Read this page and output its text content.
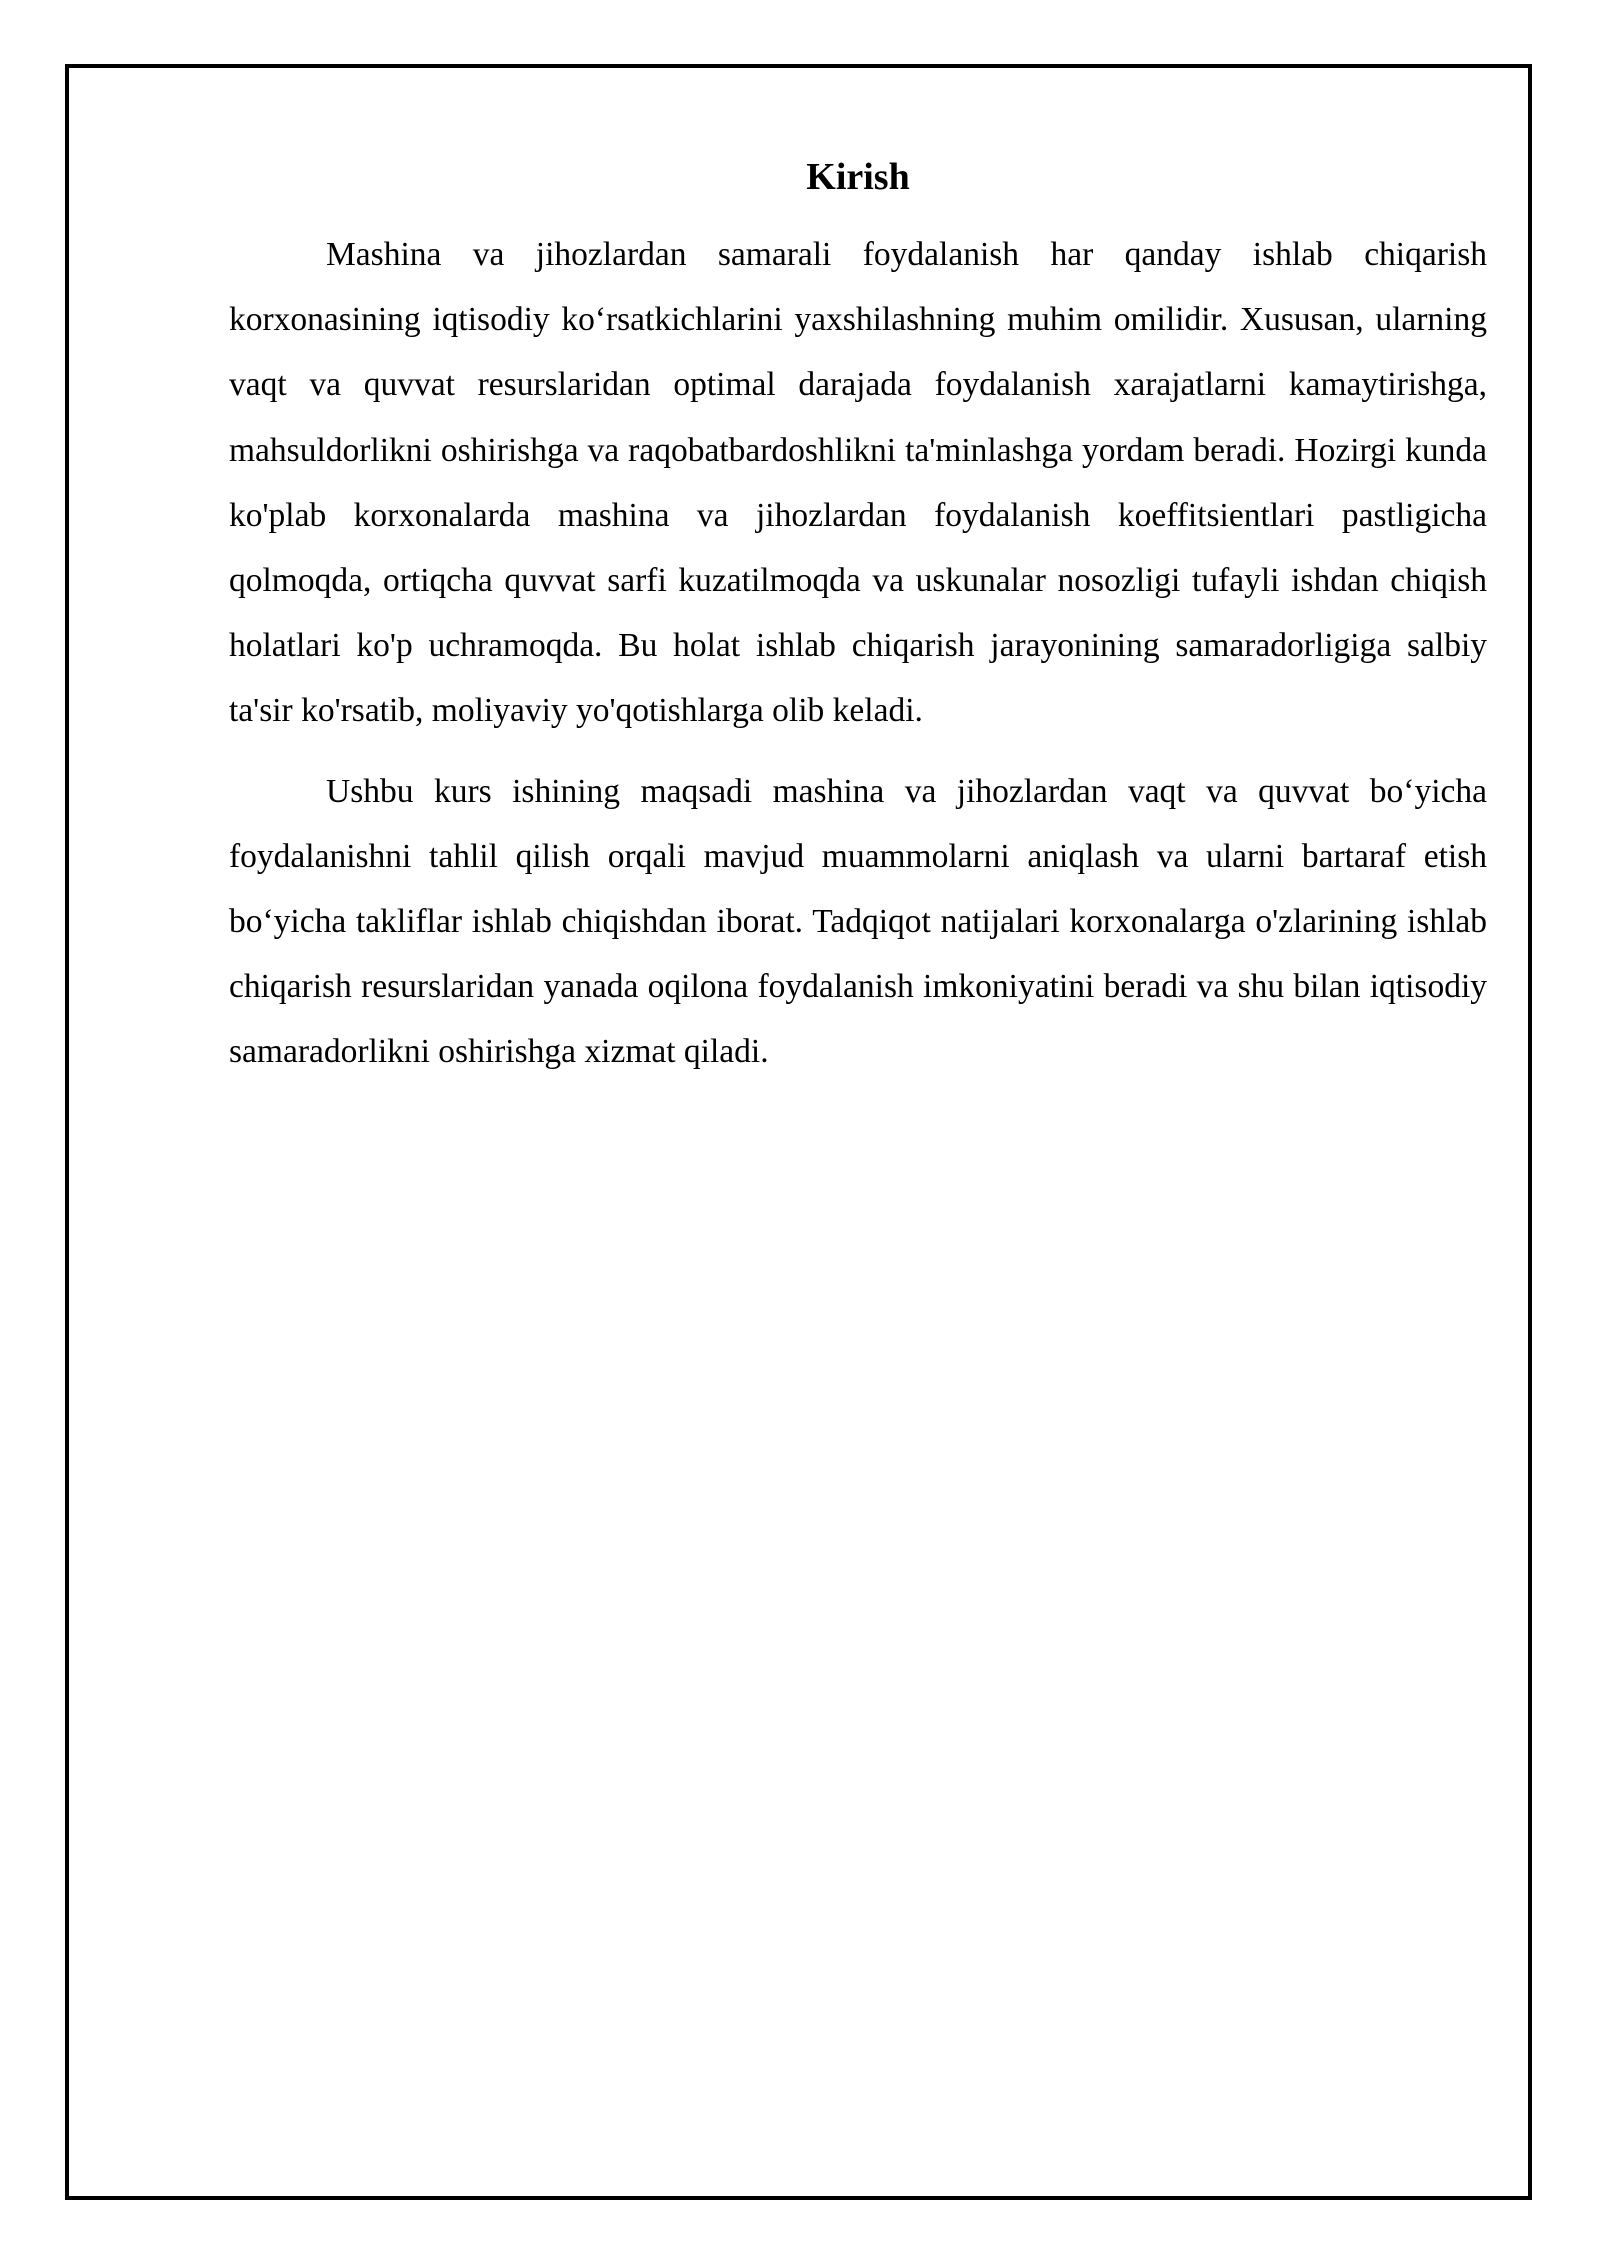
Kirish

Mashina va jihozlardan samarali foydalanish har qanday ishlab chiqarish korxonasining iqtisodiy ko‘rsatkichlarini yaxshilashning muhim omilidir. Xususan, ularning vaqt va quvvat resurslaridan optimal darajada foydalanish xarajatlarni kamaytirishga, mahsuldorlikni oshirishga va raqobatbardoshlikni ta'minlashga yordam beradi. Hozirgi kunda ko'plab korxonalarda mashina va jihozlardan foydalanish koeffitsientlari pastligicha qolmoqda, ortiqcha quvvat sarfi kuzatilmoqda va uskunalar nosozligi tufayli ishdan chiqish holatlari ko'p uchramoqda. Bu holat ishlab chiqarish jarayonining samaradorligiga salbiy ta'sir ko'rsatib, moliyaviy yo'qotishlarga olib keladi.

Ushbu kurs ishining maqsadi mashina va jihozlardan vaqt va quvvat bo‘yicha foydalanishni tahlil qilish orqali mavjud muammolarni aniqlash va ularni bartaraf etish bo‘yicha takliflar ishlab chiqishdan iborat. Tadqiqot natijalari korxonalarga o'zlarining ishlab chiqarish resurslaridan yanada oqilona foydalanish imkoniyatini beradi va shu bilan iqtisodiy samaradorlikni oshirishga xizmat qiladi.
